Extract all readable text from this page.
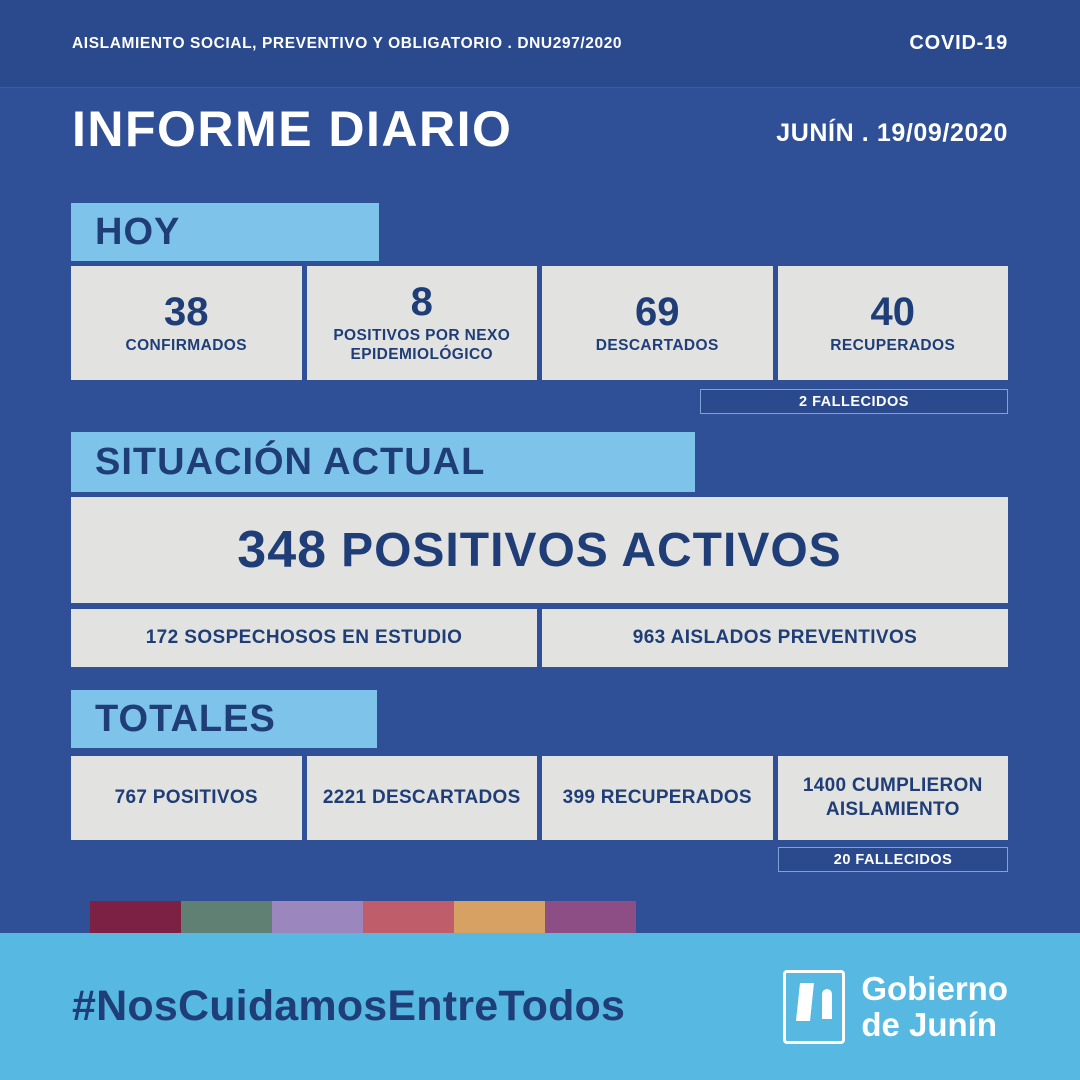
AISLAMIENTO SOCIAL, PREVENTIVO Y OBLIGATORIO . DNU297/2020	COVID-19
INFORME DIARIO	JUNÍN . 19/09/2020
HOY
38
CONFIRMADOS
8
POSITIVOS POR NEXO EPIDEMIOLÓGICO
69
DESCARTADOS
40
RECUPERADOS
2 FALLECIDOS
SITUACIÓN ACTUAL
348 POSITIVOS ACTIVOS
172 SOSPECHOSOS EN ESTUDIO	963 AISLADOS PREVENTIVOS
TOTALES
767 POSITIVOS	2221 DESCARTADOS	399 RECUPERADOS
1400 CUMPLIERON AISLAMIENTO
20 FALLECIDOS
#NosCuidamosEntreTodos	Gobierno
de Junín
